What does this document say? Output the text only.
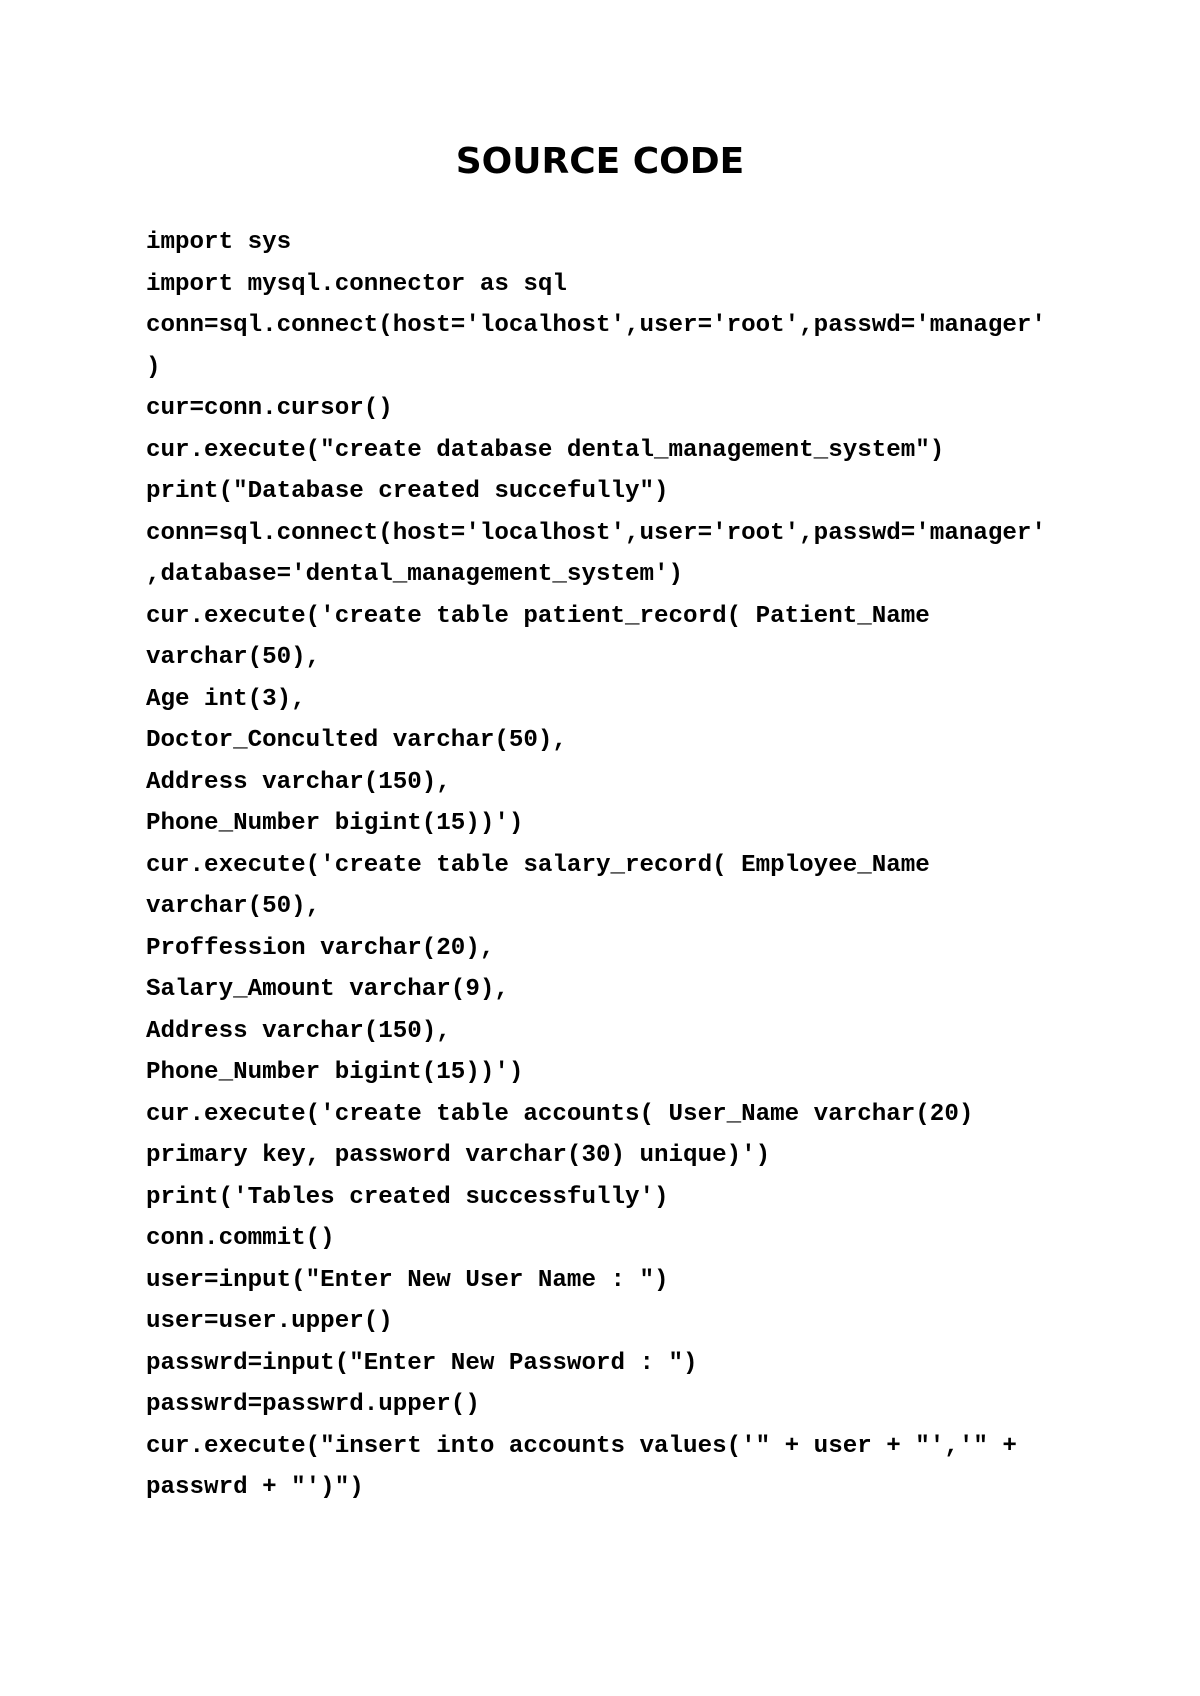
SOURCE CODE
import sys
import mysql.connector as sql
conn=sql.connect(host='localhost',user='root',passwd='manager'
)
cur=conn.cursor()
cur.execute("create database dental_management_system")
print("Database created succefully")
conn=sql.connect(host='localhost',user='root',passwd='manager'
,database='dental_management_system')
cur.execute('create table patient_record( Patient_Name
varchar(50),
Age int(3),
Doctor_Conculted varchar(50),
Address varchar(150),
Phone_Number bigint(15))')
cur.execute('create table salary_record( Employee_Name
varchar(50),
Proffession varchar(20),
Salary_Amount varchar(9),
Address varchar(150),
Phone_Number bigint(15))')
cur.execute('create table accounts( User_Name varchar(20)
primary key, password varchar(30) unique)')
print('Tables created successfully')
conn.commit()
user=input("Enter New User Name : ")
user=user.upper()
passwrd=input("Enter New Password : ")
passwrd=passwrd.upper()
cur.execute("insert into accounts values('" + user + "','" +
passwrd + "')")
